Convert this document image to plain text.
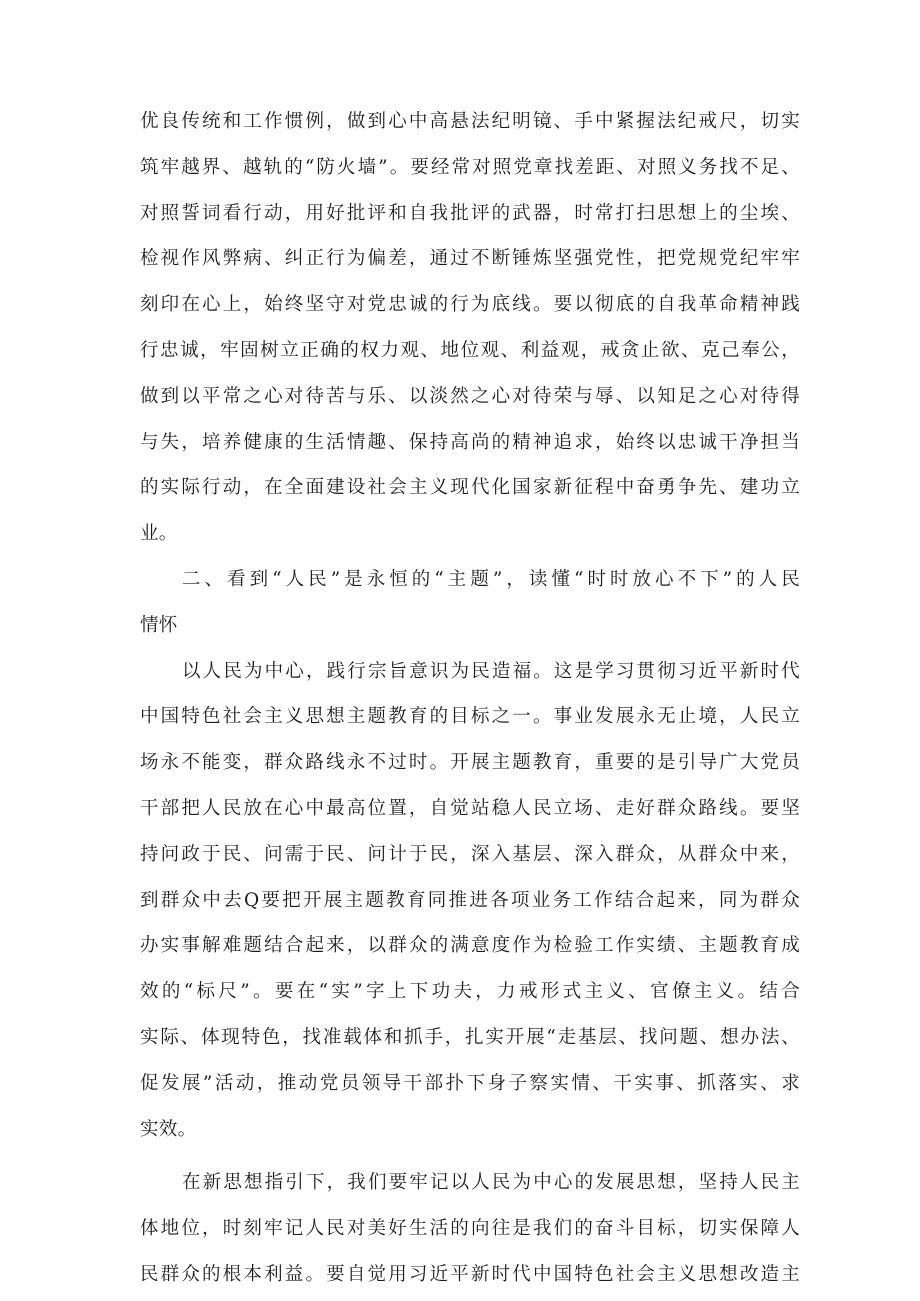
优良传统和工作惯例，做到心中高悬法纪明镜、手中紧握法纪戒尺，切实
筑牢越界、越轨的“防火墙”。要经常对照党章找差距、对照义务找不足、
对照誓词看行动，用好批评和自我批评的武器，时常打扫思想上的尘埃、
检视作风弊病、纠正行为偏差，通过不断锤炼坚强党性，把党规党纪牢牢
刻印在心上，始终坚守对党忠诚的行为底线。要以彻底的自我革命精神践
行忠诚，牢固树立正确的权力观、地位观、利益观，戒贪止欲、克己奉公，
做到以平常之心对待苦与乐、以淡然之心对待荣与辱、以知足之心对待得
与失，培养健康的生活情趣、保持高尚的精神追求，始终以忠诚干净担当
的实际行动，在全面建设社会主义现代化国家新征程中奋勇争先、建功立
业。
二、看到“人民”是永恒的“主题”，读懂“时时放心不下”的人民
情怀
以人民为中心，践行宗旨意识为民造福。这是学习贯彻习近平新时代
中国特色社会主义思想主题教育的目标之一。事业发展永无止境，人民立
场永不能变，群众路线永不过时。开展主题教育，重要的是引导广大党员
干部把人民放在心中最高位置，自觉站稳人民立场、走好群众路线。要坚
持问政于民、问需于民、问计于民，深入基层、深入群众，从群众中来，
到群众中去Q要把开展主题教育同推进各项业务工作结合起来，同为群众
办实事解难题结合起来，以群众的满意度作为检验工作实绩、主题教育成
效的“标尺”。要在“实”字上下功夫，力戒形式主义、官僚主义。结合
实际、体现特色，找准载体和抓手，扎实开展“走基层、找问题、想办法、
促发展”活动，推动党员领导干部扑下身子察实情、干实事、抓落实、求
实效。
在新思想指引下，我们要牢记以人民为中心的发展思想，坚持人民主
体地位，时刻牢记人民对美好生活的向往是我们的奋斗目标，切实保障人
民群众的根本利益。要自觉用习近平新时代中国特色社会主义思想改造主
